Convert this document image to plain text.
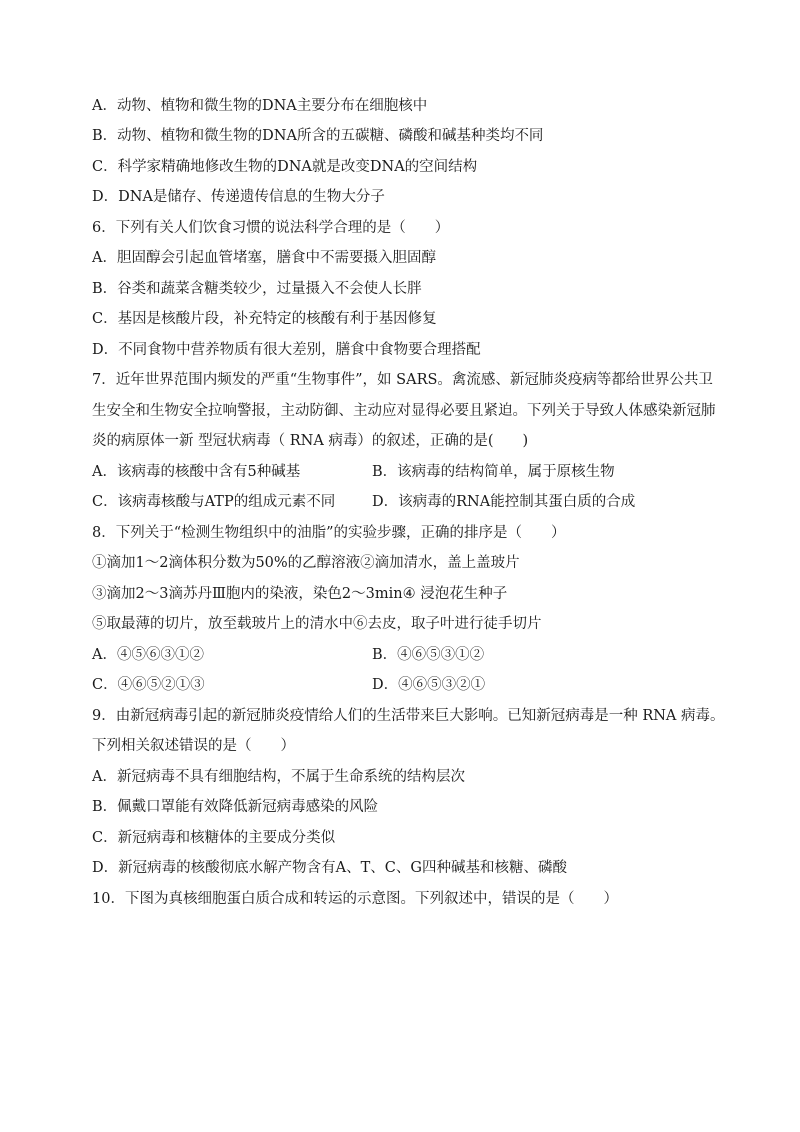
A．动物、植物和微生物的DNA主要分布在细胞核中
B．动物、植物和微生物的DNA所含的五碳糖、磷酸和碱基种类均不同
C．科学家精确地修改生物的DNA就是改变DNA的空间结构
D．DNA是储存、传递遗传信息的生物大分子
6．下列有关人们饮食习惯的说法科学合理的是（　　）
A．胆固醇会引起血管堵塞，膳食中不需要摄入胆固醇
B．谷类和蔬菜含糖类较少，过量摄入不会使人长胖
C．基因是核酸片段，补充特定的核酸有利于基因修复
D．不同食物中营养物质有很大差别，膳食中食物要合理搭配
7．近年世界范围内频发的严重“生物事件”，如 SARS。禽流感、新冠肺炎疫病等都给世界公共卫
生安全和生物安全拉响警报，主动防御、主动应对显得必要且紧迫。下列关于导致人体感染新冠肺
炎的病原体一新 型冠状病毒（ RNA 病毒）的叙述，正确的是(　　)
A．该病毒的核酸中含有5种碱基	B．该病毒的结构简单，属于原核生物
C．该病毒核酸与ATP的组成元素不同	D．该病毒的RNA能控制其蛋白质的合成
8．下列关于“检测生物组织中的油脂”的实验步骤，正确的排序是（　　）
①滴加1～2滴体积分数为50%的乙醇溶液②滴加清水，盖上盖玻片
③滴加2～3滴苏丹Ⅲ胞内的染液，染色2～3min④ 浸泡花生种子
⑤取最薄的切片，放至载玻片上的清水中⑥去皮，取子叶进行徒手切片
A．④⑤⑥③①②	B．④⑥⑤③①②
C．④⑥⑤②①③	D．④⑥⑤③②①
9．由新冠病毒引起的新冠肺炎疫情给人们的生活带来巨大影响。已知新冠病毒是一种 RNA 病毒。
下列相关叙述错误的是（　　）
A．新冠病毒不具有细胞结构，不属于生命系统的结构层次
B．佩戴口罩能有效降低新冠病毒感染的风险
C．新冠病毒和核糖体的主要成分类似
D．新冠病毒的核酸彻底水解产物含有A、T、C、G四种碱基和核糖、磷酸
10．下图为真核细胞蛋白质合成和转运的示意图。下列叙述中，错误的是（　　）
